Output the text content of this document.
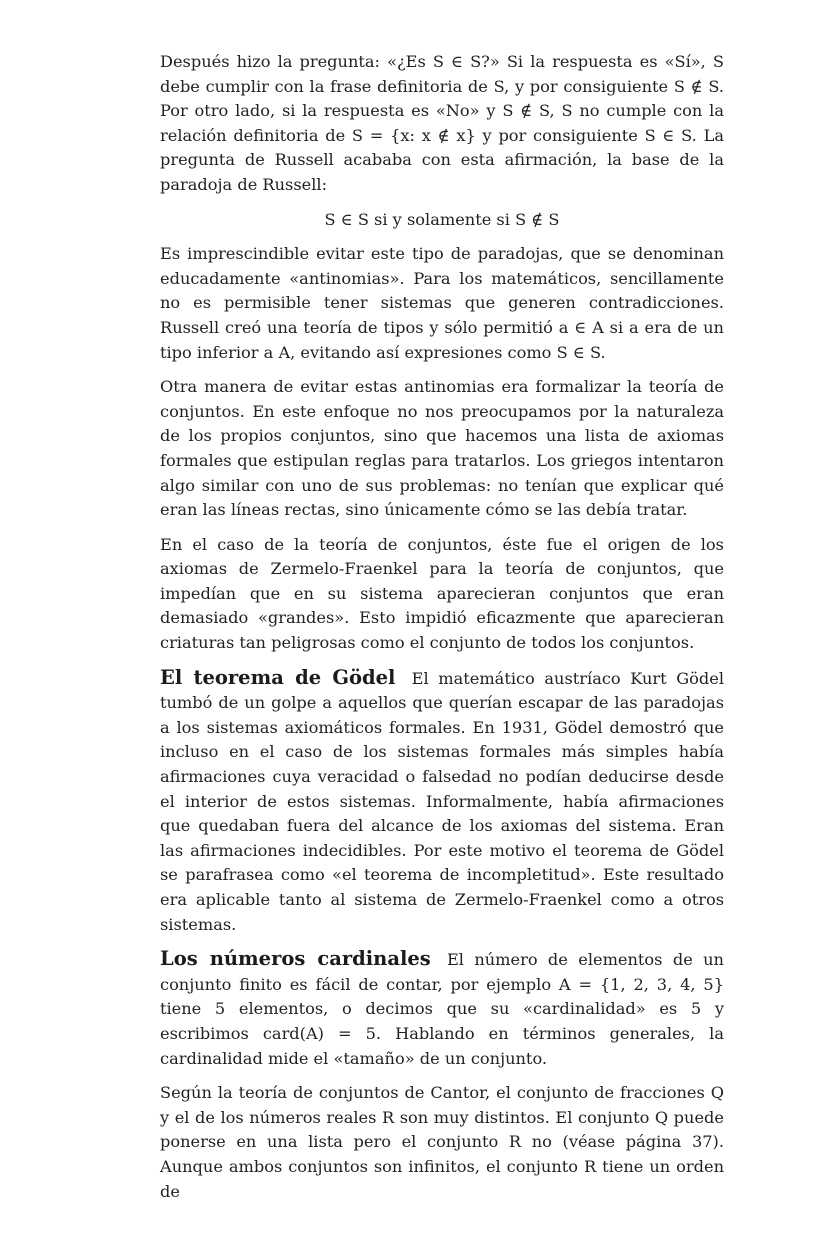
Después hizo la pregunta: «¿Es S ∈ S?» Si la respuesta es «Sí», S debe cumplir con la frase definitoria de S, y por consiguiente S ∉ S. Por otro lado, si la respuesta es «No» y S ∉ S, S no cumple con la relación definitoria de S = {x: x ∉ x} y por consiguiente S ∈ S. La pregunta de Russell acababa con esta afirmación, la base de la paradoja de Russell:

S ∈ S si y solamente si S ∉ S

Es imprescindible evitar este tipo de paradojas, que se denominan educadamente «antinomias». Para los matemáticos, sencillamente no es permisible tener sistemas que generen contradicciones. Russell creó una teoría de tipos y sólo permitió a ∈ A si a era de un tipo inferior a A, evitando así expresiones como S ∈ S.

Otra manera de evitar estas antinomias era formalizar la teoría de conjuntos. En este enfoque no nos preocupamos por la naturaleza de los propios conjuntos, sino que hacemos una lista de axiomas formales que estipulan reglas para tratarlos. Los griegos intentaron algo similar con uno de sus problemas: no tenían que explicar qué eran las líneas rectas, sino únicamente cómo se las debía tratar.

En el caso de la teoría de conjuntos, éste fue el origen de los axiomas de Zermelo-Fraenkel para la teoría de conjuntos, que impedían que en su sistema aparecieran conjuntos que eran demasiado «grandes». Esto impidió eficazmente que aparecieran criaturas tan peligrosas como el conjunto de todos los conjuntos.

El teorema de Gödel  El matemático austríaco Kurt Gödel tumbó de un golpe a aquellos que querían escapar de las paradojas a los sistemas axiomáticos formales. En 1931, Gödel demostró que incluso en el caso de los sistemas formales más simples había afirmaciones cuya veracidad o falsedad no podían deducirse desde el interior de estos sistemas. Informalmente, había afirmaciones que quedaban fuera del alcance de los axiomas del sistema. Eran las afirmaciones indecidibles. Por este motivo el teorema de Gödel se parafrasea como «el teorema de incompletitud». Este resultado era aplicable tanto al sistema de Zermelo-Fraenkel como a otros sistemas.

Los números cardinales  El número de elementos de un conjunto finito es fácil de contar, por ejemplo A = {1, 2, 3, 4, 5} tiene 5 elementos, o decimos que su «cardinalidad» es 5 y escribimos card(A) = 5. Hablando en términos generales, la cardinalidad mide el «tamaño» de un conjunto.

Según la teoría de conjuntos de Cantor, el conjunto de fracciones Q y el de los números reales R son muy distintos. El conjunto Q puede ponerse en una lista pero el conjunto R no (véase página 37). Aunque ambos conjuntos son infinitos, el conjunto R tiene un orden de
